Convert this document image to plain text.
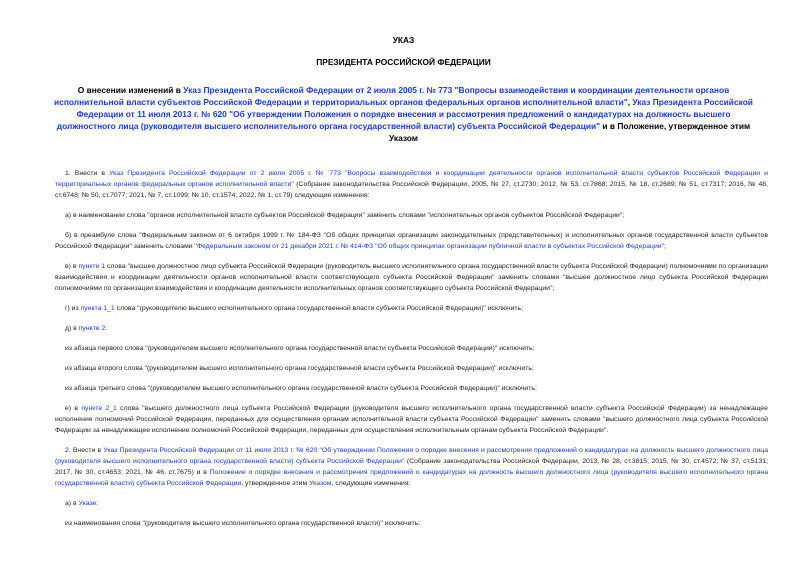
УКАЗ

ПРЕЗИДЕНТА РОССИЙСКОЙ ФЕДЕРАЦИИ

О внесении изменений в Указ Президента Российской Федерации от 2 июля 2005 г. № 773 "Вопросы взаимодействия и координации деятельности органов исполнительной власти субъектов Российской Федерации и территориальных органов федеральных органов исполнительной власти", Указ Президента Российской Федерации от 11 июля 2013 г. № 620 "Об утверждении Положения о порядке внесения и рассмотрения предложений о кандидатурах на должность высшего должностного лица (руководителя высшего исполнительного органа государственной власти) субъекта Российской Федерации" и в Положение, утвержденное этим Указом

1. Внести в Указ Президента Российской Федерации от 2 июля 2005 г. № 773 "Вопросы взаимодействия и координации деятельности органов исполнительной власти субъектов Российской Федерации и территориальных органов федеральных органов исполнительной власти" (Собрание законодательства Российской Федерации, 2005, № 27, ст.2730; 2012, № 53, ст.7868; 2015, № 18, ст.2689; № 51, ст.7317; 2016, № 48, ст.6748; № 50, ст.7077; 2021, № 7, ст.1099; № 10, ст.1574; 2022, № 1, ст.79) следующие изменения:

а) в наименовании слова "органов исполнительной власти субъектов Российской Федерации" заменить словами "исполнительных органов субъектов Российской Федерации";

б) в преамбуле слова "Федеральным законом от 6 октября 1999 г. № 184-ФЗ "Об общих принципах организации законодательных (представительных) и исполнительных органов государственной власти субъектов Российской Федерации" заменить словами "Федеральным законом от 21 декабря 2021 г. № 414-ФЗ "Об общих принципах организации публичной власти в субъектах Российской Федерации";

в) в пункте 1 слова "высшее должностное лицо субъекта Российской Федерации (руководитель высшего исполнительного органа государственной власти субъекта Российской Федерации) полномочиями по организации взаимодействия и координации деятельности органов исполнительной власти соответствующего субъекта Российской Федерации" заменить словами "высшее должностное лицо субъекта Российской Федерации полномочиями по организации взаимодействия и координации деятельности исполнительных органов соответствующего субъекта Российской Федерации";

г) из пункта 1_1 слова "(руководителю высшего исполнительного органа государственной власти субъекта Российской Федерации)" исключить;

д) в пункте 2:

из абзаца первого слова "(руководителем высшего исполнительного органа государственной власти субъекта Российской Федерации)" исключить;

из абзаца второго слова "(руководителем высшего исполнительного органа государственной власти субъекта Российской Федерации)" исключить;

из абзаца третьего слова "(руководителем высшего исполнительного органа государственной власти субъекта Российской Федерации)" исключить;

е) в пункте 2_1 слова "высшего должностного лица субъекта Российской Федерации (руководителя высшего исполнительного органа государственной власти субъекта Российской Федерации) за ненадлежащее исполнение полномочий Российской Федерации, переданных для осуществления органам исполнительной власти субъекта Российской Федерации" заменить словами "высшего должностного лица субъекта Российской Федерации за ненадлежащее исполнение полномочий Российской Федерации, переданных для осуществления исполнительным органам субъекта Российской Федерации".

2. Внести в Указ Президента Российской Федерации от 11 июля 2013 г. № 620 "Об утверждении Положения о порядке внесения и рассмотрения предложений о кандидатурах на должность высшего должностного лица (руководителя высшего исполнительного органа государственной власти) субъекта Российской Федерации" (Собрание законодательства Российской Федерации, 2013, № 28, ст.3815; 2015, № 30, ст.4572; № 37, ст.5131; 2017, № 30, ст.4653; 2021, № 46, ст.7675) и в Положение о порядке внесения и рассмотрения предложений о кандидатурах на должность высшего должностного лица (руководителя высшего исполнительного органа государственной власти) субъекта Российской Федерации, утвержденное этим Указом, следующие изменения:

а) в Указе:

из наименования слова "(руководителя высшего исполнительного органа государственной власти)" исключить;
